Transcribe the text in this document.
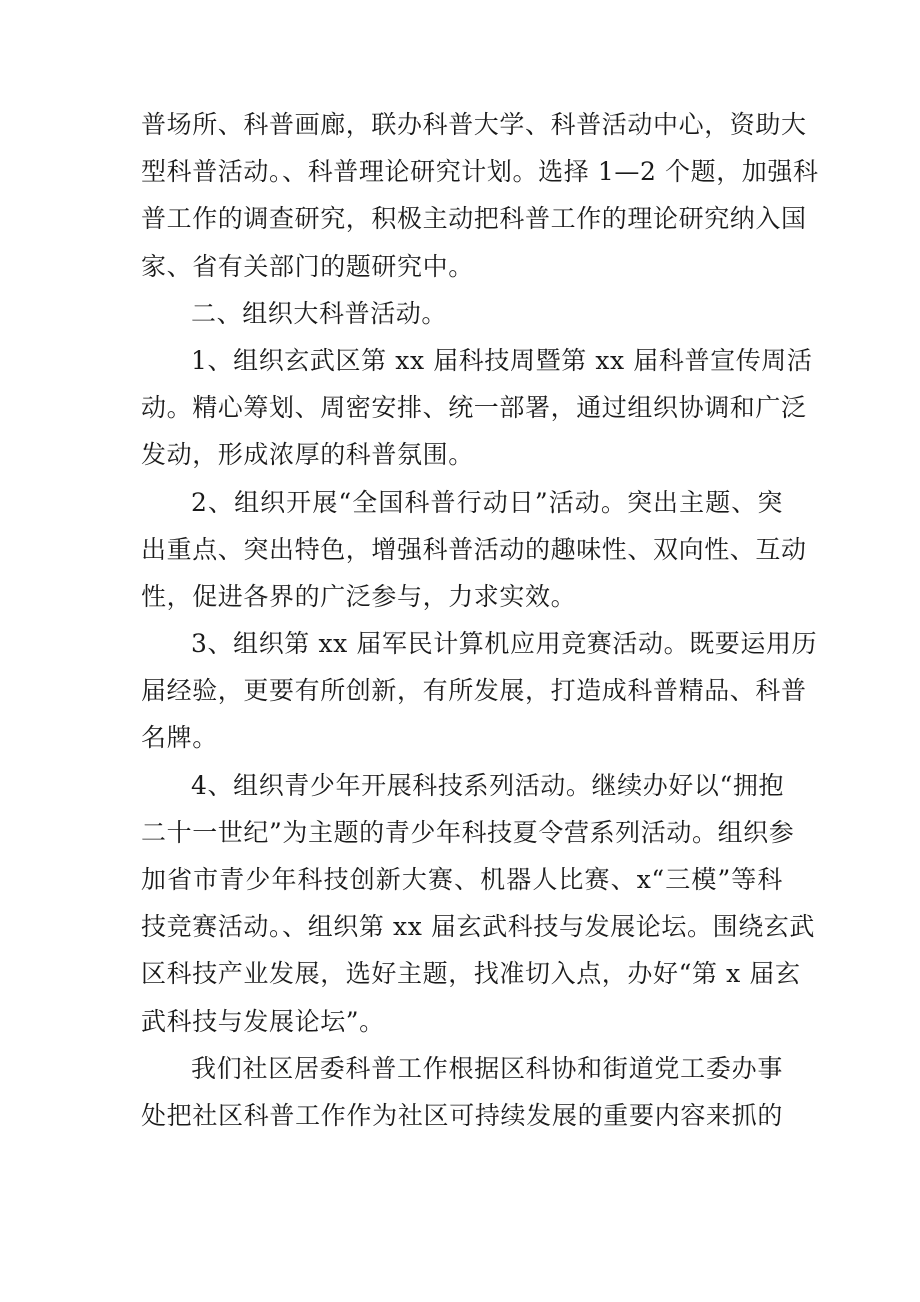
普场所、科普画廊，联办科普大学、科普活动中心，资助大
型科普活动。、科普理论研究计划。选择 1—2 个题，加强科
普工作的调查研究，积极主动把科普工作的理论研究纳入国
家、省有关部门的题研究中。
二、组织大科普活动。
1、组织玄武区第 xx 届科技周暨第 xx 届科普宣传周活
动。精心筹划、周密安排、统一部署，通过组织协调和广泛
发动，形成浓厚的科普氛围。
2、组织开展“全国科普行动日”活动。突出主题、突
出重点、突出特色，增强科普活动的趣味性、双向性、互动
性，促进各界的广泛参与，力求实效。
3、组织第 xx 届军民计算机应用竞赛活动。既要运用历
届经验，更要有所创新，有所发展，打造成科普精品、科普
名牌。
4、组织青少年开展科技系列活动。继续办好以“拥抱
二十一世纪”为主题的青少年科技夏令营系列活动。组织参
加省市青少年科技创新大赛、机器人比赛、x“三模”等科
技竞赛活动。、组织第 xx 届玄武科技与发展论坛。围绕玄武
区科技产业发展，选好主题，找准切入点，办好“第 x 届玄
武科技与发展论坛”。
我们社区居委科普工作根据区科协和街道党工委办事
处把社区科普工作作为社区可持续发展的重要内容来抓的
